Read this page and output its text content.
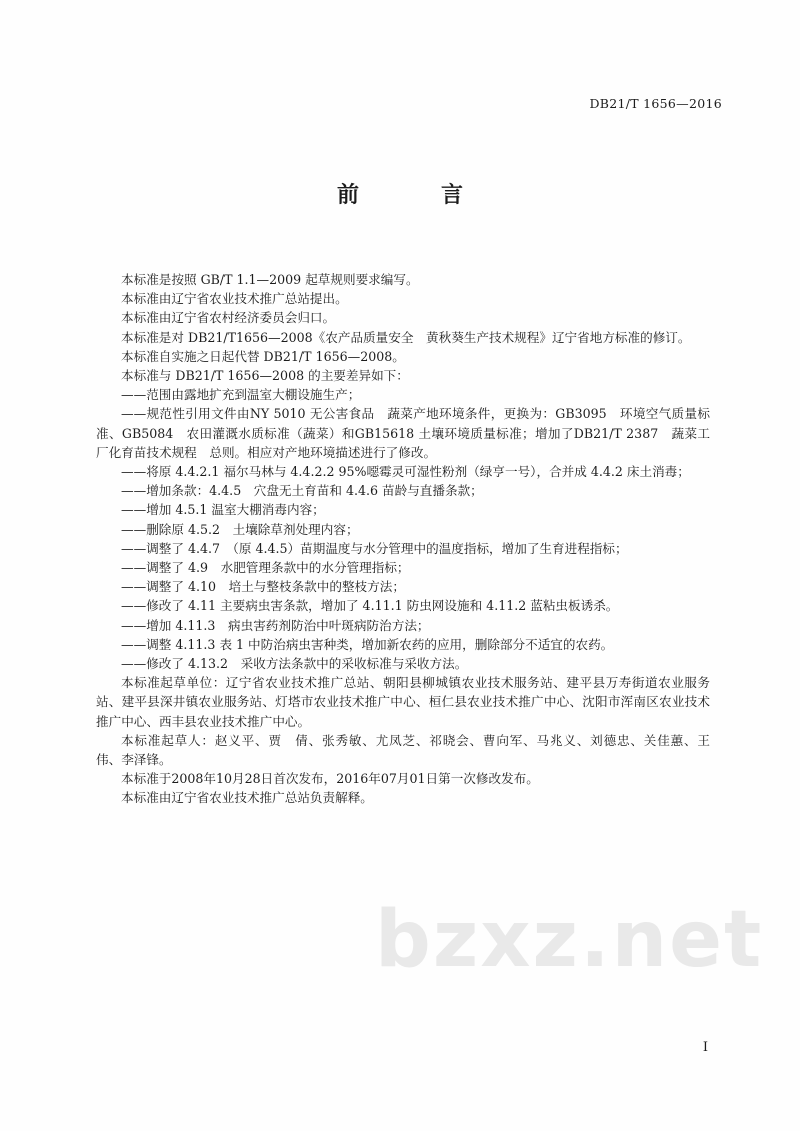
DB21/T 1656—2016
前　言

本标准是按照 GB/T 1.1—2009 起草规则要求编写。

本标准由辽宁省农业技术推广总站提出。

本标准由辽宁省农村经济委员会归口。

本标准是对 DB21/T1656—2008《农产品质量安全　黄秋葵生产技术规程》辽宁省地方标准的修订。

本标准自实施之日起代替 DB21/T 1656—2008。

本标准与 DB21/T 1656—2008 的主要差异如下：

——范围由露地扩充到温室大棚设施生产；

——规范性引用文件由NY 5010 无公害食品　蔬菜产地环境条件，更换为：GB3095　环境空气质量标准、GB5084　农田灌溉水质标准（蔬菜）和GB15618 土壤环境质量标准；增加了DB21/T 2387　蔬菜工厂化育苗技术规程　总则。相应对产地环境描述进行了修改。

——将原 4.4.2.1 福尔马林与 4.4.2.2 95%噁霉灵可湿性粉剂（绿亨一号），合并成 4.4.2 床土消毒；

——增加条款：4.4.5　穴盘无土育苗和 4.4.6 苗龄与直播条款；

——增加 4.5.1 温室大棚消毒内容；

——删除原 4.5.2　土壤除草剂处理内容；

——调整了 4.4.7　（原 4.4.5）苗期温度与水分管理中的温度指标，增加了生育进程指标；

——调整了 4.9　水肥管理条款中的水分管理指标；

——调整了 4.10　培土与整枝条款中的整枝方法；

——修改了 4.11 主要病虫害条款，增加了 4.11.1 防虫网设施和 4.11.2 蓝粘虫板诱杀。

——增加 4.11.3　病虫害药剂防治中叶斑病防治方法；

——调整 4.11.3 表 1 中防治病虫害种类，增加新农药的应用，删除部分不适宜的农药。

——修改了 4.13.2　采收方法条款中的采收标准与采收方法。

本标准起草单位：辽宁省农业技术推广总站、朝阳县柳城镇农业技术服务站、建平县万寿街道农业服务站、建平县深井镇农业服务站、灯塔市农业技术推广中心、桓仁县农业技术推广中心、沈阳市浑南区农业技术推广中心、西丰县农业技术推广中心。

本标准起草人：赵义平、贾　倩、张秀敏、尤凤芝、祁晓会、曹向军、马兆义、刘德忠、关佳蕙、王　伟、李泽锋。

本标准于2008年10月28日首次发布，2016年07月01日第一次修改发布。

本标准由辽宁省农业技术推广总站负责解释。

bzxz.net
I
